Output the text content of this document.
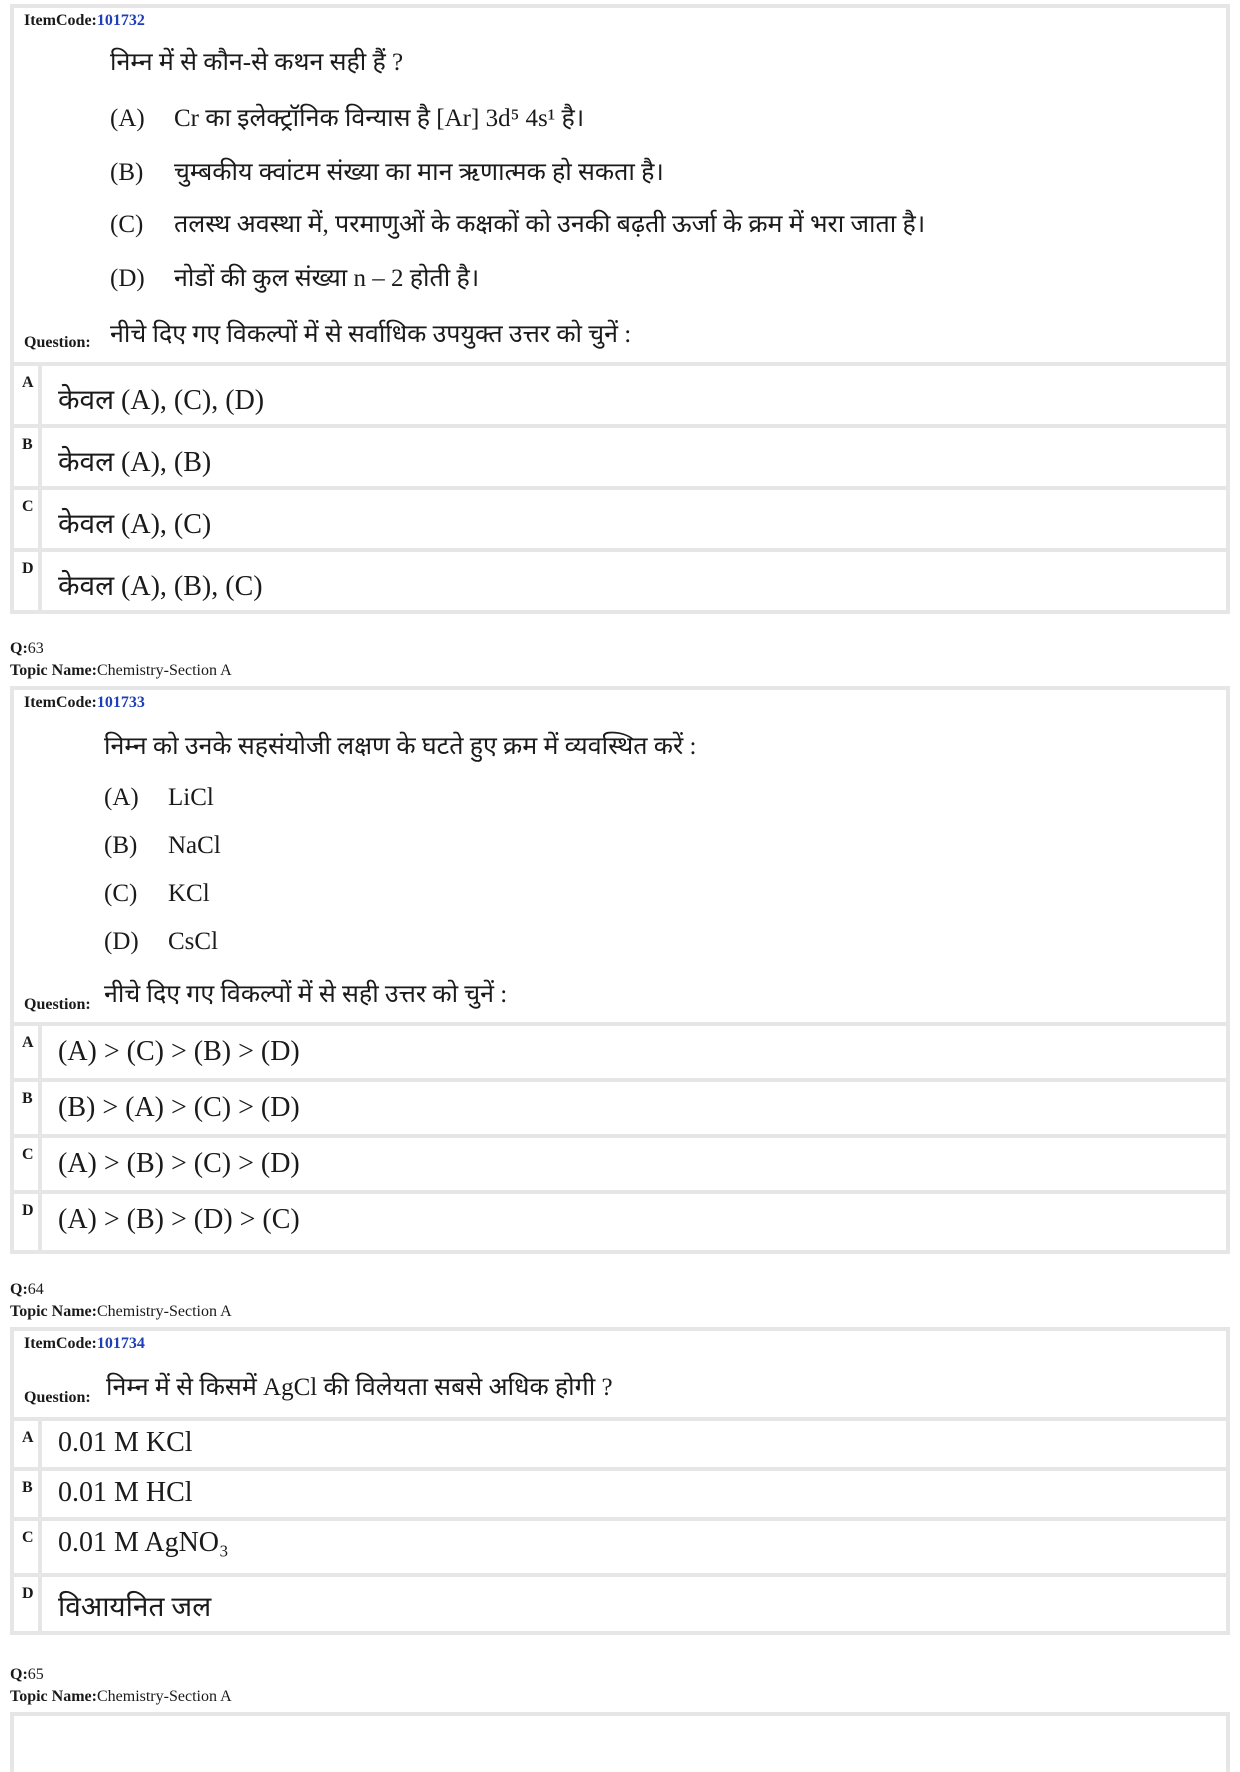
ItemCode:101732
निम्न में से कौन-से कथन सही हैं ?
(A) Cr का इलेक्ट्रॉनिक विन्यास है [Ar] 3d⁵ 4s¹ है।
(B) चुम्बकीय क्वांटम संख्या का मान ऋणात्मक हो सकता है।
(C) तलस्थ अवस्था में, परमाणुओं के कक्षकों को उनकी बढ़ती ऊर्जा के क्रम में भरा जाता है।
(D) नोडों की कुल संख्या n – 2 होती है।
Question: नीचे दिए गए विकल्पों में से सर्वाधिक उपयुक्त उत्तर को चुनें :
A
केवल (A), (C), (D)
B
केवल (A), (B)
C
केवल (A), (C)
D
केवल (A), (B), (C)
Q:63
Topic Name:Chemistry-Section A
ItemCode:101733
निम्न को उनके सहसंयोजी लक्षण के घटते हुए क्रम में व्यवस्थित करें :
(A) LiCl
(B) NaCl
(C) KCl
(D) CsCl
Question: नीचे दिए गए विकल्पों में से सही उत्तर को चुनें :
A (A) > (C) > (B) > (D)
B (B) > (A) > (C) > (D)
C (A) > (B) > (C) > (D)
D (A) > (B) > (D) > (C)
Q:64
Topic Name:Chemistry-Section A
ItemCode:101734
Question: निम्न में से किसमें AgCl की विलेयता सबसे अधिक होगी ?
A 0.01 M KCl
B 0.01 M HCl
C 0.01 M AgNO₃
D विआयनित जल
Q:65
Topic Name:Chemistry-Section A
